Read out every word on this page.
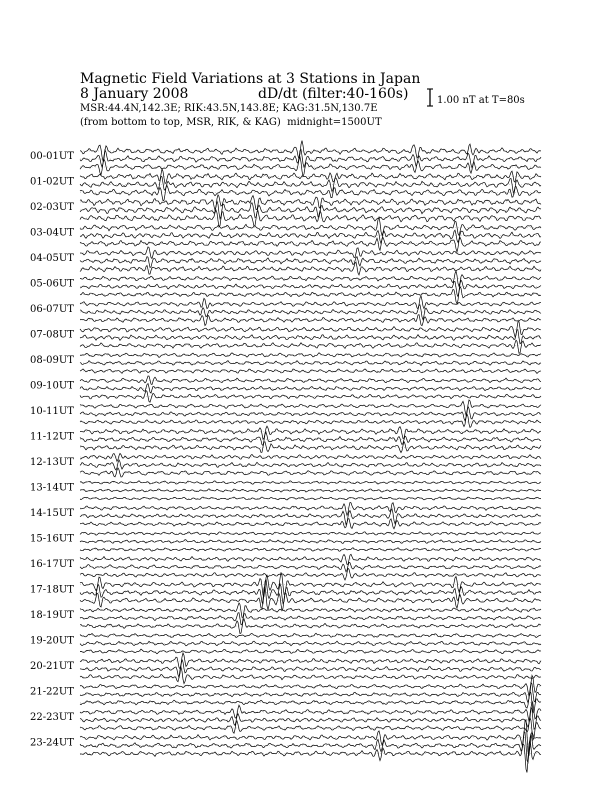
Magnetic Field Variations at 3 Stations in Japan
8 January 2008	dD/dt (filter:40-160s)
MSR:44.4N,142.3E; RIK:43.5N,143.8E; KAG:31.5N,130.7E
(from bottom to top, MSR, RIK, & KAG) midnight=1500UT
1.00 nT at T=80s
00-01UT
01-02UT
02-03UT
03-04UT
04-05UT
05-06UT
06-07UT
07-08UT
08-09UT
09-10UT
10-11UT
11-12UT
12-13UT
13-14UT
14-15UT
15-16UT
16-17UT
17-18UT
18-19UT
19-20UT
20-21UT
21-22UT
22-23UT
23-24UT
